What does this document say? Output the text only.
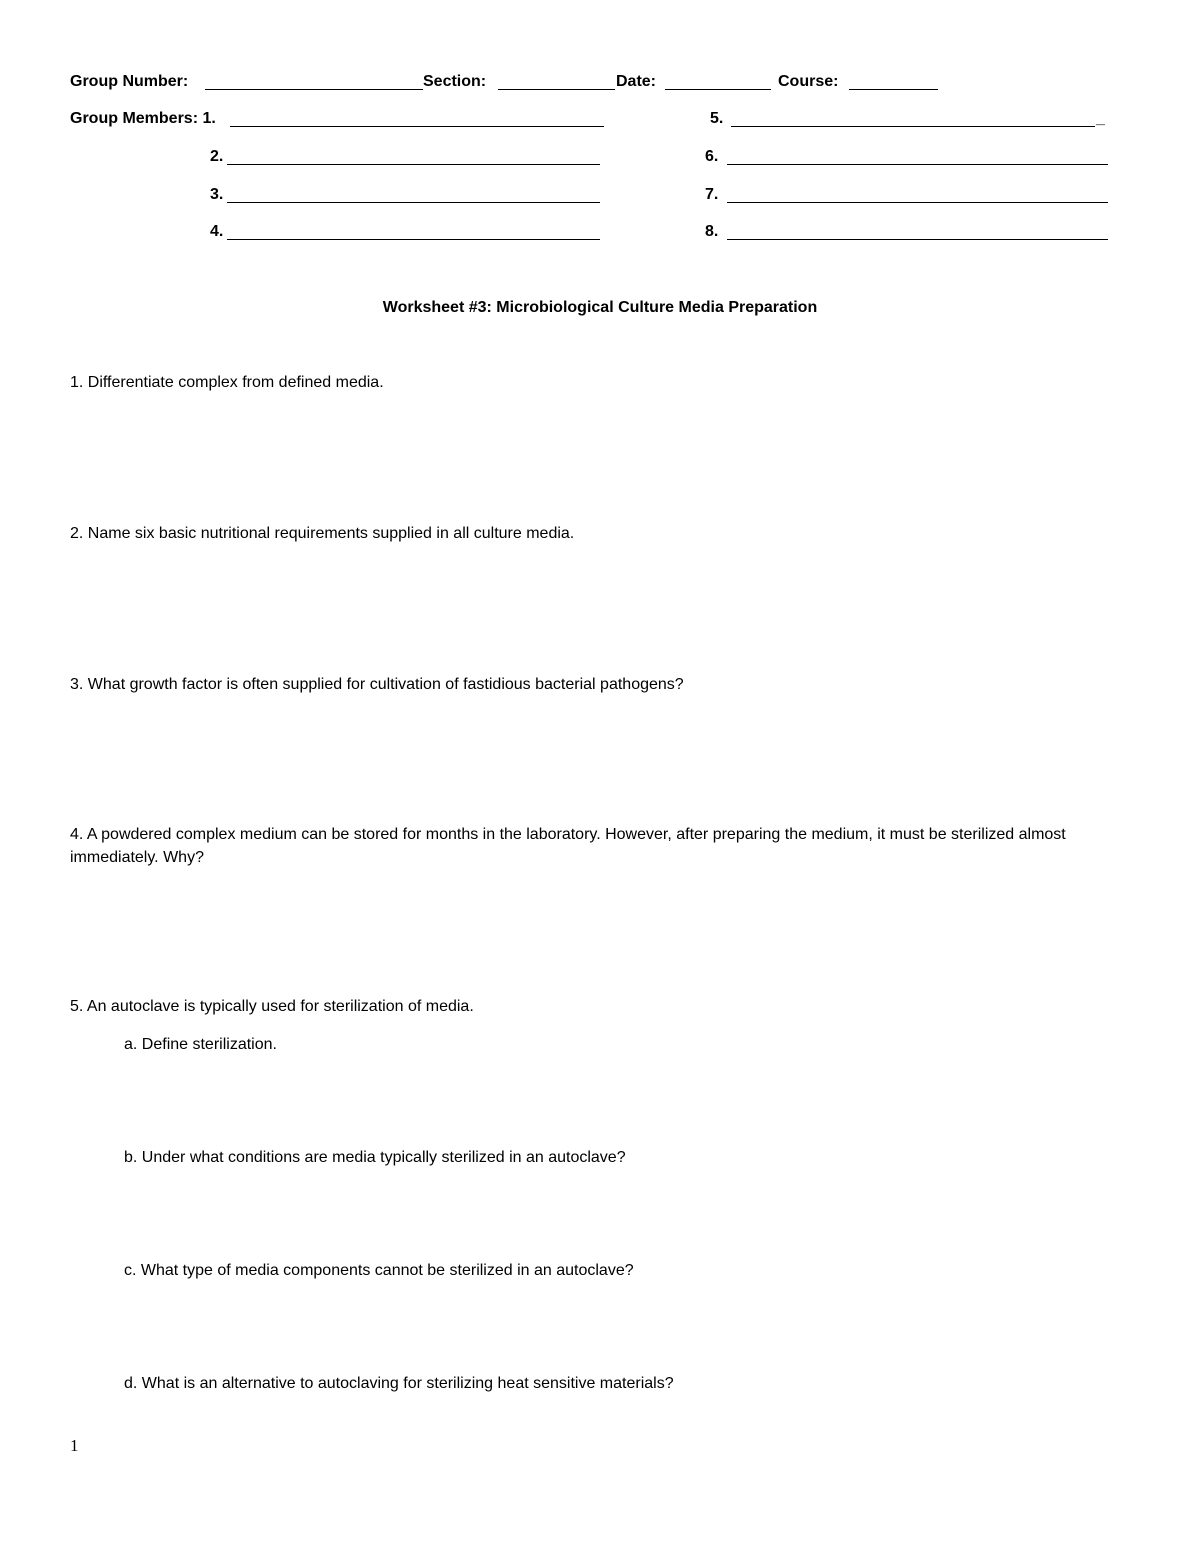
Group Number:	Section:	Date:	Course:
Group Members: 1.
2.
3.
4.
5.	_
6.
7.
8.
Worksheet #3: Microbiological Culture Media Preparation
1. Differentiate complex from defined media.
2. Name six basic nutritional requirements supplied in all culture media.
3. What growth factor is often supplied for cultivation of fastidious bacterial pathogens?
4. A powdered complex medium can be stored for months in the laboratory. However, after preparing the medium, it must be sterilized almost immediately. Why?
5. An autoclave is typically used for sterilization of media.
a. Define sterilization.
b. Under what conditions are media typically sterilized in an autoclave?
c. What type of media components cannot be sterilized in an autoclave?
d. What is an alternative to autoclaving for sterilizing heat sensitive materials?
1
